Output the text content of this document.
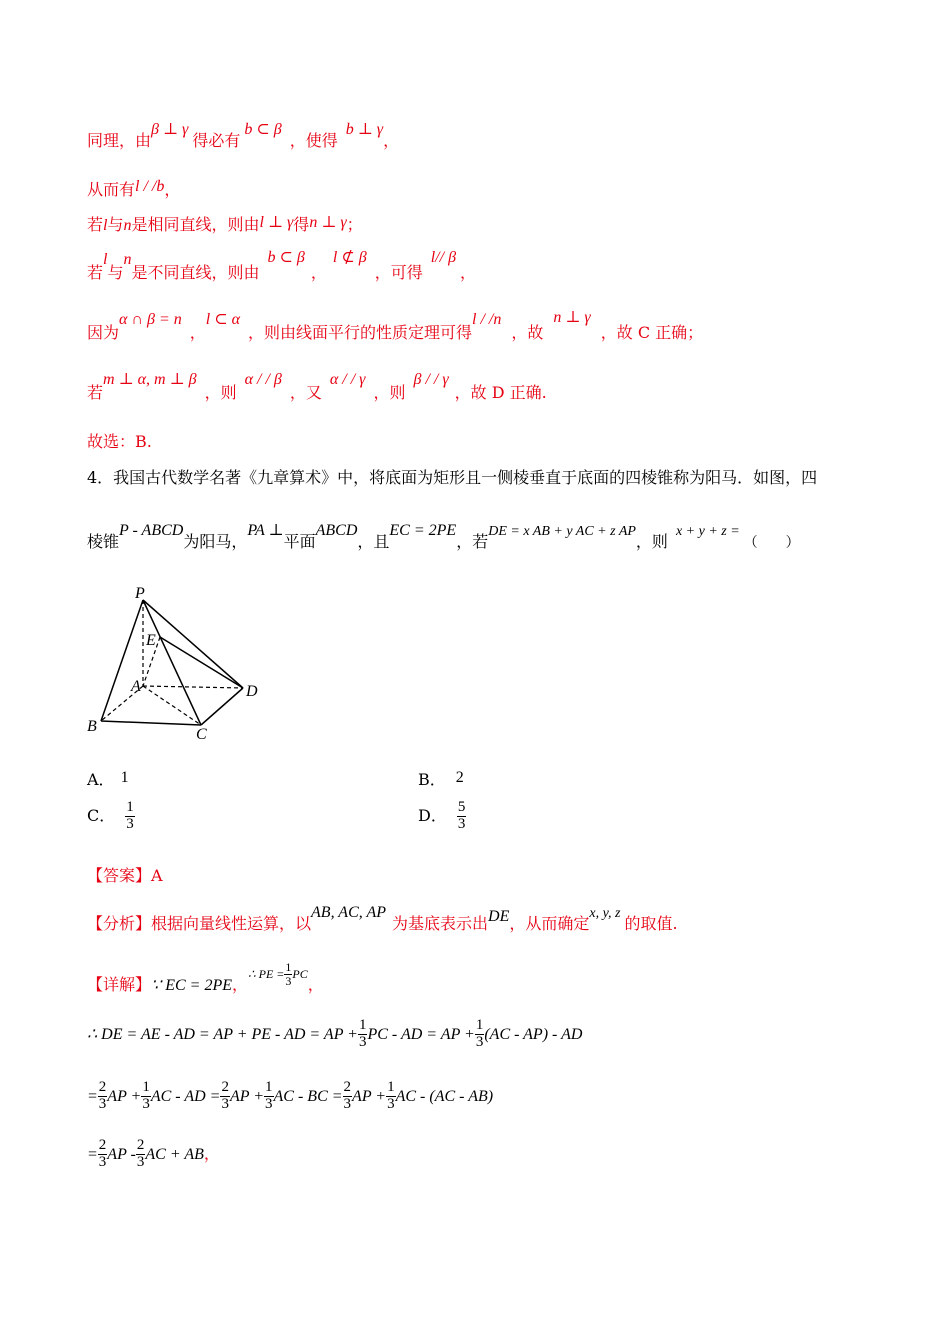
同理，由β ⊥ γ得必有b ⊂ β，使得b ⊥ γ，
从而有l / /b，
若l与n是相同直线，则由l ⊥ γ得n ⊥ γ；
若l与n是不同直线，则由b ⊂ β，l ⊄ β，可得l// β，
因为α ∩ β = n，l ⊂ α，则由线面平行的性质定理可得l / /n，故n ⊥ γ，故 C 正确；
若m ⊥ α, m ⊥ β，则α / / β，又α / / γ，则β / / γ，故 D 正确.
故选：B.
4．我国古代数学名著《九章算术》中，将底面为矩形且一侧棱垂直于底面的四棱锥称为阳马．如图，四
棱锥P - ABCD为阳马，PA ⊥平面ABCD，且EC = 2PE，若DE = x AB + y AC + z AP，则x + y + z =（　　）
P
E
A
B	C
D
A． 1	B． 2
C． $\frac{1}{3}$	D． $\frac{5}{3}$
【答案】A
【分析】根据向量线性运算，以AB, AC, AP为基底表示出DE，从而确定x, y, z的取值.
【详解】∵ EC = 2PE，$^{\therefore PE = \frac{1}{3} PC}$，
∴ DE = AE - AD = AP + PE - AD = AP + $\frac{1}{3}$ PC - AD = AP + $\frac{1}{3} (AC - AP)$ - AD
= $\frac{2}{3}$ AP + $\frac{1}{3}$ AC - AD = $\frac{2}{3}$ AP + $\frac{1}{3}$ AC - BC = $\frac{2}{3}$ AP + $\frac{1}{3}$ AC - (AC - AB)
= $\frac{2}{3}$ AP - $\frac{2}{3}$ AC + AB，
